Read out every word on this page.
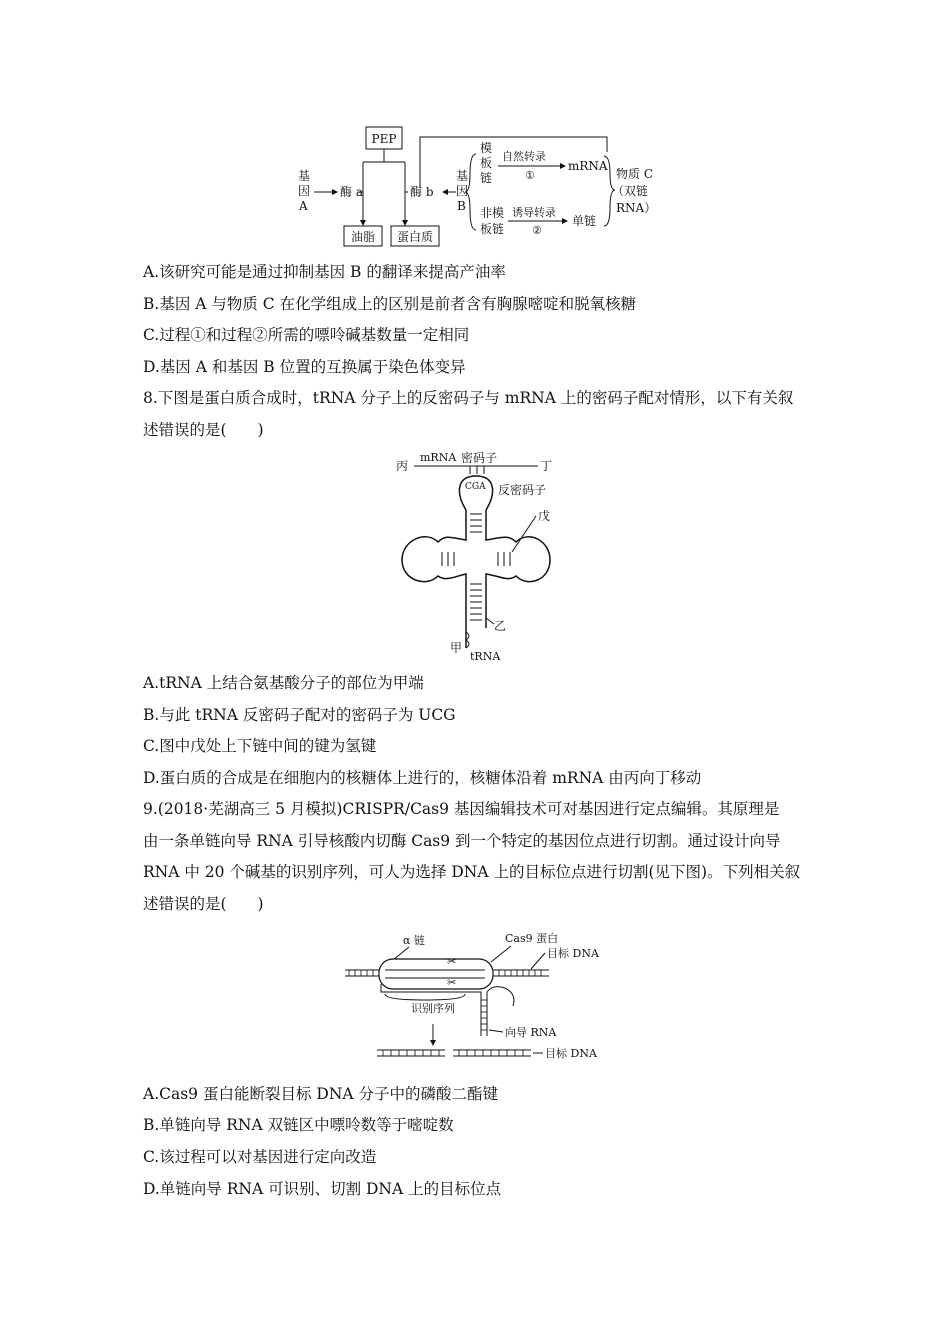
PEP
基
因
A
酶 a	酶 b
基
因
B
模
板
链
自然转录
①
mRNA
非模
板链
诱导转录
②
单链
物质 C
（双链
RNA）
油脂 蛋白质
A.该研究可能是通过抑制基因 B 的翻译来提高产油率
B.基因 A 与物质 C 在化学组成上的区别是前者含有胸腺嘧啶和脱氧核糖
C.过程①和过程②所需的嘌呤碱基数量一定相同
D.基因 A 和基因 B 位置的互换属于染色体变异
8.下图是蛋白质合成时，tRNA 分子上的反密码子与 mRNA 上的密码子配对情形，以下有关叙
述错误的是(　　)
丙
mRNA 密码子
丁
CGA 反密码子
戊
乙
甲
tRNA
A.tRNA 上结合氨基酸分子的部位为甲端
B.与此 tRNA 反密码子配对的密码子为 UCG
C.图中戊处上下链中间的键为氢键
D.蛋白质的合成是在细胞内的核糖体上进行的，核糖体沿着 mRNA 由丙向丁移动
9.(2018·芜湖高三 5 月模拟)CRISPR/Cas9 基因编辑技术可对基因进行定点编辑。其原理是
由一条单链向导 RNA 引导核酸内切酶 Cas9 到一个特定的基因位点进行切割。通过设计向导
RNA 中 20 个碱基的识别序列，可人为选择 DNA 上的目标位点进行切割(见下图)。下列相关叙
述错误的是(　　)
α 链	Cas9 蛋白
目标 DNA
✂
✂
识别序列
向导 RNA
目标 DNA
A.Cas9 蛋白能断裂目标 DNA 分子中的磷酸二酯键
B.单链向导 RNA 双链区中嘌呤数等于嘧啶数
C.该过程可以对基因进行定向改造
D.单链向导 RNA 可识别、切割 DNA 上的目标位点
